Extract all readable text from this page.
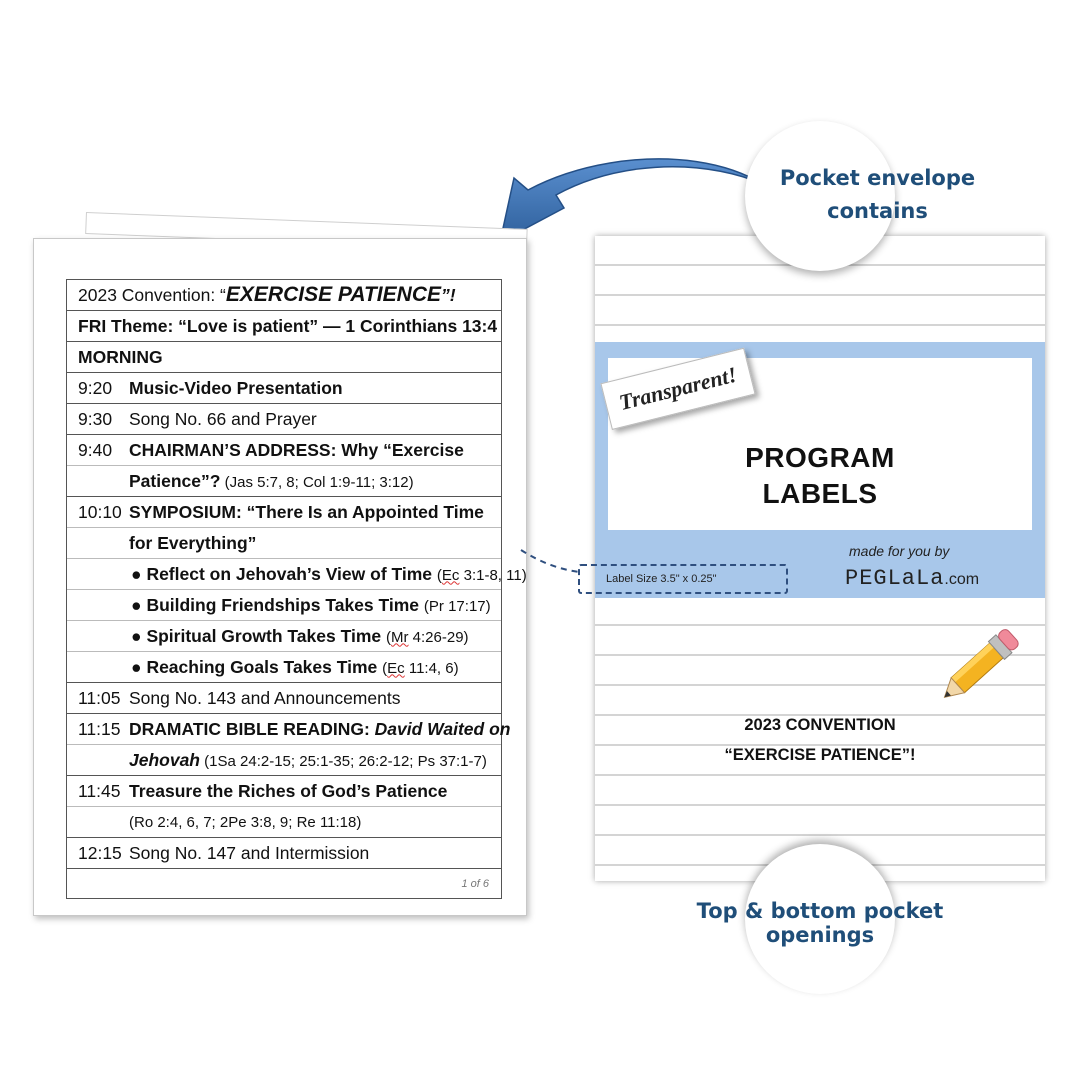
2023 Convention: “EXERCISE PATIENCE”!
FRI Theme: “Love is patient” — 1 Corinthians 13:4
MORNING
9:20 Music-Video Presentation
9:30 Song No. 66 and Prayer
9:40 CHAIRMAN’S ADDRESS: Why “Exercise
Patience”? (Jas 5:7, 8; Col 1:9-11; 3:12)
10:10 SYMPOSIUM: “There Is an Appointed Time
for Everything”
● Reflect on Jehovah’s View of Time (Ec 3:1-8, 11)
● Building Friendships Takes Time (Pr 17:17)
● Spiritual Growth Takes Time (Mr 4:26-29)
● Reaching Goals Takes Time (Ec 11:4, 6)
11:05 Song No. 143 and Announcements
11:15 DRAMATIC BIBLE READING: David Waited on
Jehovah (1Sa 24:2-15; 25:1-35; 26:2-12; Ps 37:1-7)
11:45 Treasure the Riches of God’s Patience
(Ro 2:4, 6, 7; 2Pe 3:8, 9; Re 11:18)
12:15 Song No. 147 and Intermission
1 of 6
PROGRAM
LABELS
made for you by
PEGLaLa.com
2023 CONVENTION
“EXERCISE PATIENCE”!
Transparent!
Label Size 3.5" x 0.25"
Pocket envelope contains
Top & bottom pocket openings
